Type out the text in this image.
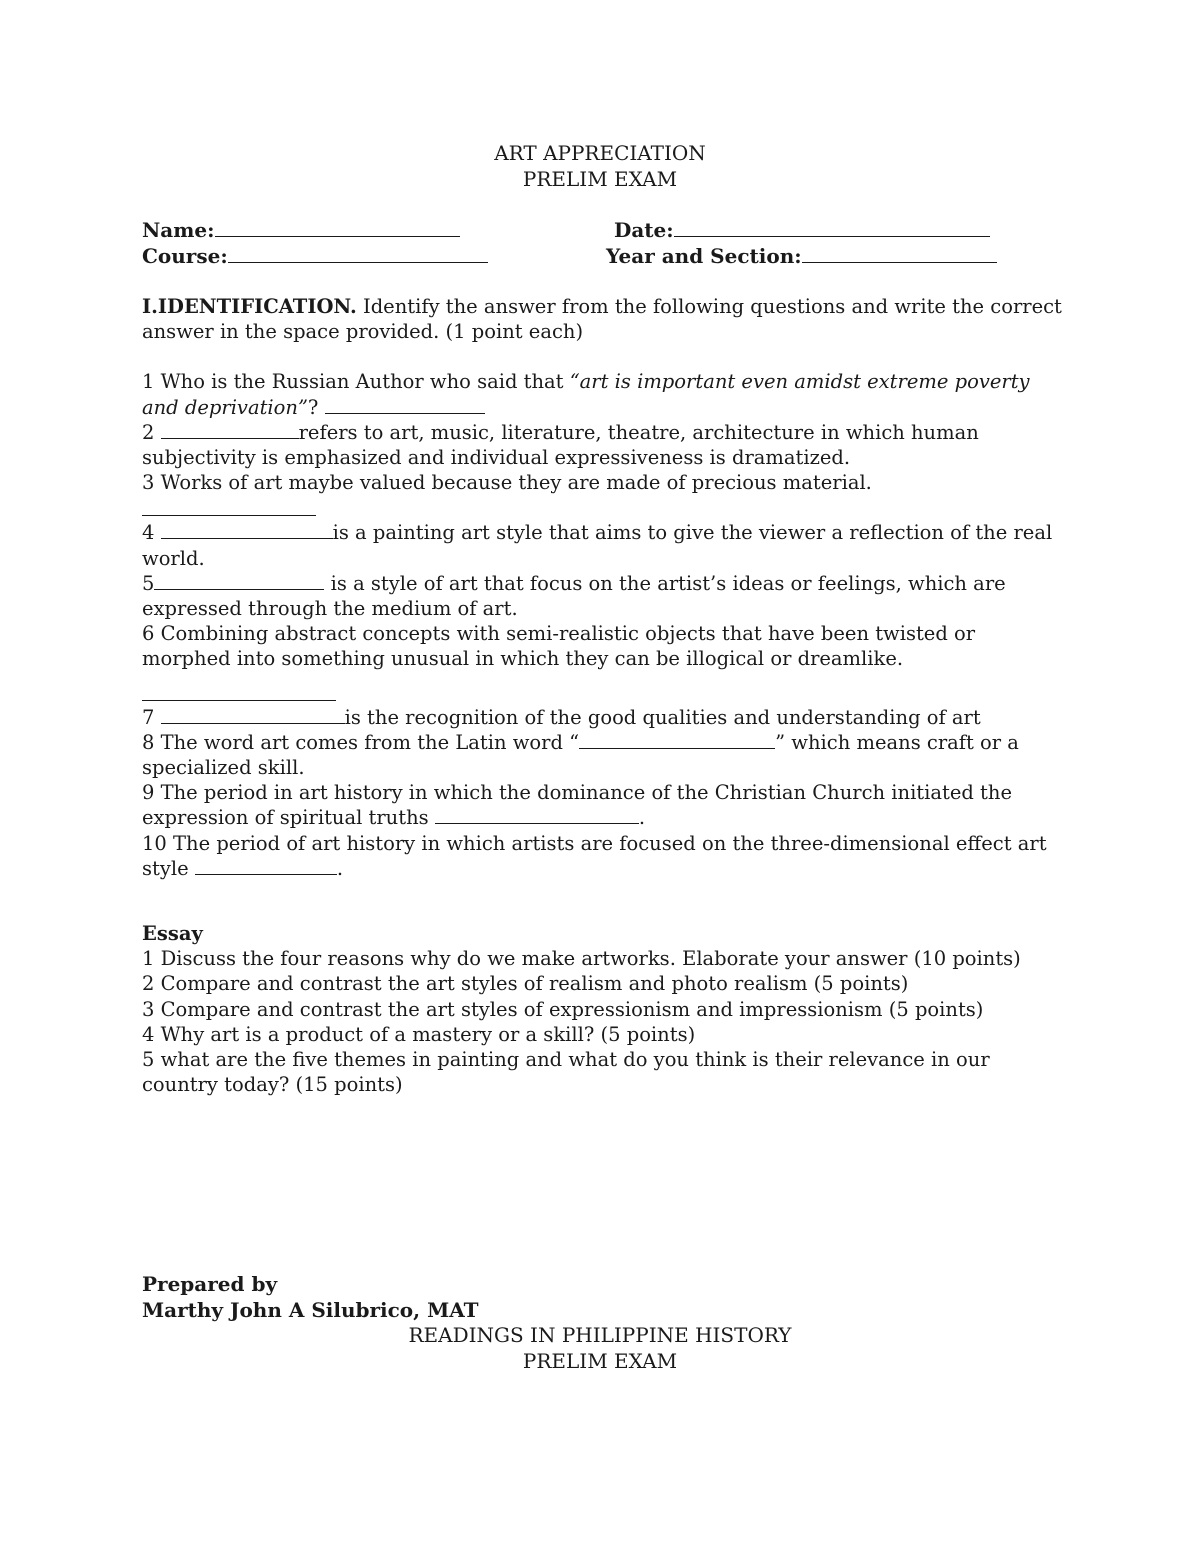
ART APPRECIATION
PRELIM EXAM
Name:	Date:
Course:	Year and Section:

I.IDENTIFICATION. Identify the answer from the following questions and write the correct answer in the space provided. (1 point each)

1 Who is the Russian Author who said that “art is important even amidst extreme poverty and deprivation”?

2	refers to art, music, literature, theatre, architecture in which human subjectivity is emphasized and individual expressiveness is dramatized.

3 Works of art maybe valued because they are made of precious material.

4	is a painting art style that aims to give the viewer a reflection of the real world.

5	is a style of art that focus on the artist’s ideas or feelings, which are expressed through the medium of art.

6 Combining abstract concepts with semi-realistic objects that have been twisted or morphed into something unusual in which they can be illogical or dreamlike.

7	is the recognition of the good qualities and understanding of art

8 The word art comes from the Latin word “	” which means craft or a specialized skill.

9 The period in art history in which the dominance of the Christian Church initiated the expression of spiritual truths	.

10 The period of art history in which artists are focused on the three-dimensional effect art style	.

Essay

1 Discuss the four reasons why do we make artworks. Elaborate your answer (10 points)

2 Compare and contrast the art styles of realism and photo realism (5 points)

3 Compare and contrast the art styles of expressionism and impressionism (5 points)

4 Why art is a product of a mastery or a skill? (5 points)

5 what are the five themes in painting and what do you think is their relevance in our country today? (15 points)

Prepared by
Marthy John A Silubrico, MAT
READINGS IN PHILIPPINE HISTORY
PRELIM EXAM
